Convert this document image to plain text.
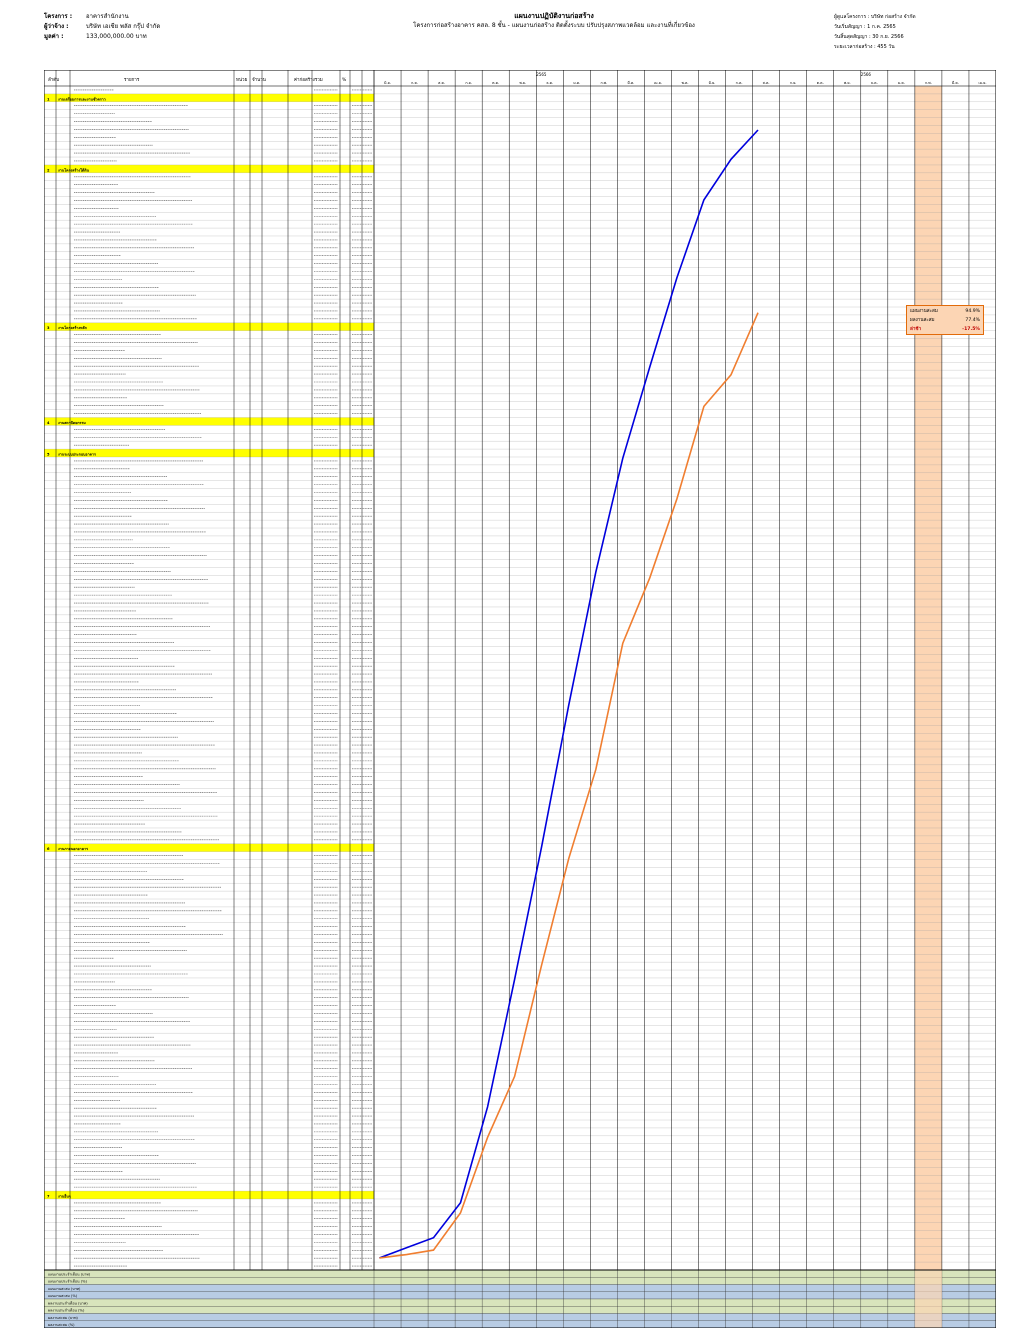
โครงการ :	อาคารสำนักงาน
ผู้ว่าจ้าง :	บริษัท เอเชีย พลัส กรุ๊ป จำกัด
มูลค่า :	133,000,000.00 บาท
แผนงานปฏิบัติงานก่อสร้าง
โครงการก่อสร้างอาคาร คสล. 8 ชั้น - แผนงานก่อสร้าง ติดตั้งระบบ ปรับปรุงสภาพแวดล้อม และงานที่เกี่ยวข้อง
ผู้ดูแลโครงการ : บริษัท ก่อสร้าง จำกัด
วันเริ่มสัญญา : 1 ก.ค. 2565
วันสิ้นสุดสัญญา : 30 ก.ย. 2566
ระยะเวลาก่อสร้าง : 455 วัน
ลำดับ	รายการ	หน่วย จำนวน	ค่าก่อสร้างรวม	%
2565	2566
มิ.ย.	ก.ค.	ส.ค.	ก.ย.	ต.ค.	พ.ย.	ธ.ค.	ม.ค.	ก.พ.	มี.ค.	เม.ย.	พ.ค.	มิ.ย.	ก.ค.	ส.ค.	ก.ย.	ต.ค.	พ.ย.	ธ.ค.	ม.ค.	ก.พ.	มี.ค.	เม.ย.
1 งานเตรียมการและงานชั่วคราว
2 งานโครงสร้างใต้ดิน
3 งานโครงสร้างหลัก
4 งานสถาปัตยกรรม
5 งานระบบประกอบอาคาร
6 งานภายนอกอาคาร
7 งานอื่นๆ
แผนงานสะสม	94.9%
ผลงานสะสม	77.4%
ล่าช้า	-17.5%
แผนงานประจำเดือน (บาท)
แผนงานประจำเดือน (%)
แผนงานสะสม (บาท)
แผนงานสะสม (%)
ผลงานประจำเดือน (บาท)
ผลงานประจำเดือน (%)
ผลงานสะสม (บาท)
ผลงานสะสม (%)
